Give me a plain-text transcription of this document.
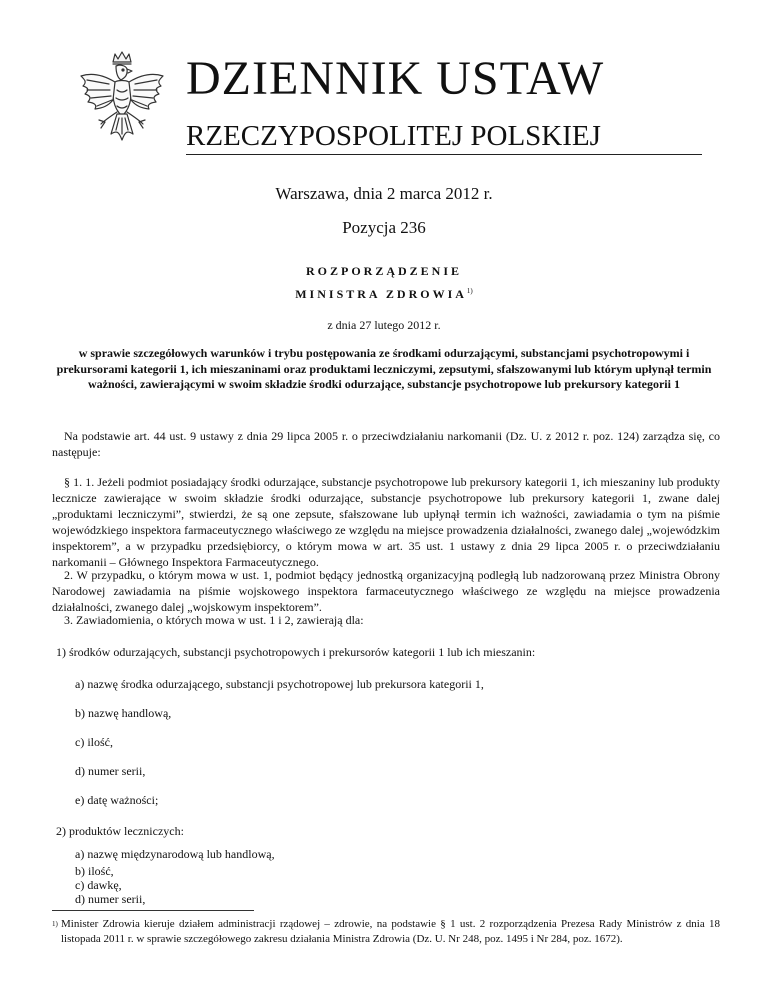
DZIENNIK USTAW
RZECZYPOSPOLITEJ POLSKIEJ
Warszawa, dnia 2 marca 2012 r.
Pozycja 236
ROZPORZĄDZENIE
MINISTRA ZDROWIA$^{1)}$
z dnia 27 lutego 2012 r.
w sprawie szczegółowych warunków i trybu postępowania ze środkami odurzającymi, substancjami psychotropowymi i prekursorami kategorii 1, ich mieszaninami oraz produktami leczniczymi, zepsutymi, sfałszowanymi lub którym upłynął termin ważności, zawierającymi w swoim składzie środki odurzające, substancje psychotropowe lub prekursory kategorii 1
Na podstawie art. 44 ust. 9 ustawy z dnia 29 lipca 2005 r. o przeciwdziałaniu narkomanii (Dz. U. z 2012 r. poz. 124) zarządza się, co następuje:
§ 1. 1. Jeżeli podmiot posiadający środki odurzające, substancje psychotropowe lub prekursory kategorii 1, ich mieszaniny lub produkty lecznicze zawierające w swoim składzie środki odurzające, substancje psychotropowe lub prekursory kategorii 1, zwane dalej „produktami leczniczymi”, stwierdzi, że są one zepsute, sfałszowane lub upłynął termin ich ważności, zawiadamia o tym na piśmie wojewódzkiego inspektora farmaceutycznego właściwego ze względu na miejsce prowadzenia działalności, zwanego dalej „wojewódzkim inspektorem”, a w przypadku przedsiębiorcy, o którym mowa w art. 35 ust. 1 ustawy z dnia 29 lipca 2005 r. o przeciwdziałaniu narkomanii – Głównego Inspektora Farmaceutycznego.
2. W przypadku, o którym mowa w ust. 1, podmiot będący jednostką organizacyjną podległą lub nadzorowaną przez Ministra Obrony Narodowej zawiadamia na piśmie wojskowego inspektora farmaceutycznego właściwego ze względu na miejsce prowadzenia działalności, zwanego dalej „wojskowym inspektorem”.
3. Zawiadomienia, o których mowa w ust. 1 i 2, zawierają dla:
1) środków odurzających, substancji psychotropowych i prekursorów kategorii 1 lub ich mieszanin:
a) nazwę środka odurzającego, substancji psychotropowej lub prekursora kategorii 1,
b) nazwę handlową,
c) ilość,
d) numer serii,
e) datę ważności;
2) produktów leczniczych:
a) nazwę międzynarodową lub handlową,
b) ilość,
c) dawkę,
d) numer serii,
1) Minister Zdrowia kieruje działem administracji rządowej – zdrowie, na podstawie § 1 ust. 2 rozporządzenia Prezesa Rady Ministrów z dnia 18 listopada 2011 r. w sprawie szczegółowego zakresu działania Ministra Zdrowia (Dz. U. Nr 248, poz. 1495 i Nr 284, poz. 1672).
